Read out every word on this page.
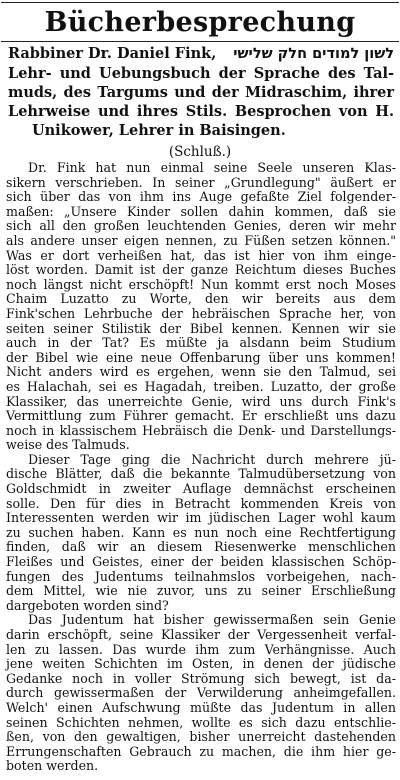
Bücherbesprechung
Rabbiner Dr. Daniel Fink, לשון למודים חלק שלישי
Lehr- und Uebungsbuch der Sprache des Tal-
muds, des Targums und der Midraschim, ihrer
Lehrweise und ihres Stils. Besprochen von H.
Unikower, Lehrer in Baisingen.
(Schluß.)
Dr. Fink hat nun einmal seine Seele unseren Klas-
sikern verschrieben. In seiner „Grundlegung" äußert er
sich über das von ihm ins Auge gefaßte Ziel folgender-
maßen: „Unsere Kinder sollen dahin kommen, daß sie
sich all den großen leuchtenden Genies, deren wir mehr
als andere unser eigen nennen, zu Füßen setzen können."
Was er dort verheißen hat, das ist hier von ihm einge-
löst worden. Damit ist der ganze Reichtum dieses Buches
noch längst nicht erschöpft! Nun kommt erst noch Moses
Chaim Luzatto zu Worte, den wir bereits aus dem
Fink'schen Lehrbuche der hebräischen Sprache her, von
seiten seiner Stilistik der Bibel kennen. Kennen wir sie
auch in der Tat? Es müßte ja alsdann beim Studium
der Bibel wie eine neue Offenbarung über uns kommen!
Nicht anders wird es ergehen, wenn sie den Talmud, sei
es Halachah, sei es Hagadah, treiben. Luzatto, der große
Klassiker, das unerreichte Genie, wird uns durch Fink's
Vermittlung zum Führer gemacht. Er erschließt uns dazu
noch in klassischem Hebräisch die Denk- und Darstellungs-
weise des Talmuds.
Dieser Tage ging die Nachricht durch mehrere jü-
dische Blätter, daß die bekannte Talmudübersetzung von
Goldschmidt in zweiter Auflage demnächst erscheinen
solle. Den für dies in Betracht kommenden Kreis von
Interessenten werden wir im jüdischen Lager wohl kaum
zu suchen haben. Kann es nun noch eine Rechtfertigung
finden, daß wir an diesem Riesenwerke menschlichen
Fleißes und Geistes, einer der beiden klassischen Schöp-
fungen des Judentums teilnahmslos vorbeigehen, nach-
dem Mittel, wie nie zuvor, uns zu seiner Erschließung
dargeboten worden sind?
Das Judentum hat bisher gewissermaßen sein Genie
darin erschöpft, seine Klassiker der Vergessenheit verfal-
len zu lassen. Das wurde ihm zum Verhängnisse. Auch
jene weiten Schichten im Osten, in denen der jüdische
Gedanke noch in voller Strömung sich bewegt, ist da-
durch gewissermaßen der Verwilderung anheimgefallen.
Welch' einen Aufschwung müßte das Judentum in allen
seinen Schichten nehmen, wollte es sich dazu entschlie-
ßen, von den gewaltigen, bisher unerreicht dastehenden
Errungenschaften Gebrauch zu machen, die ihm hier ge-
boten werden.
